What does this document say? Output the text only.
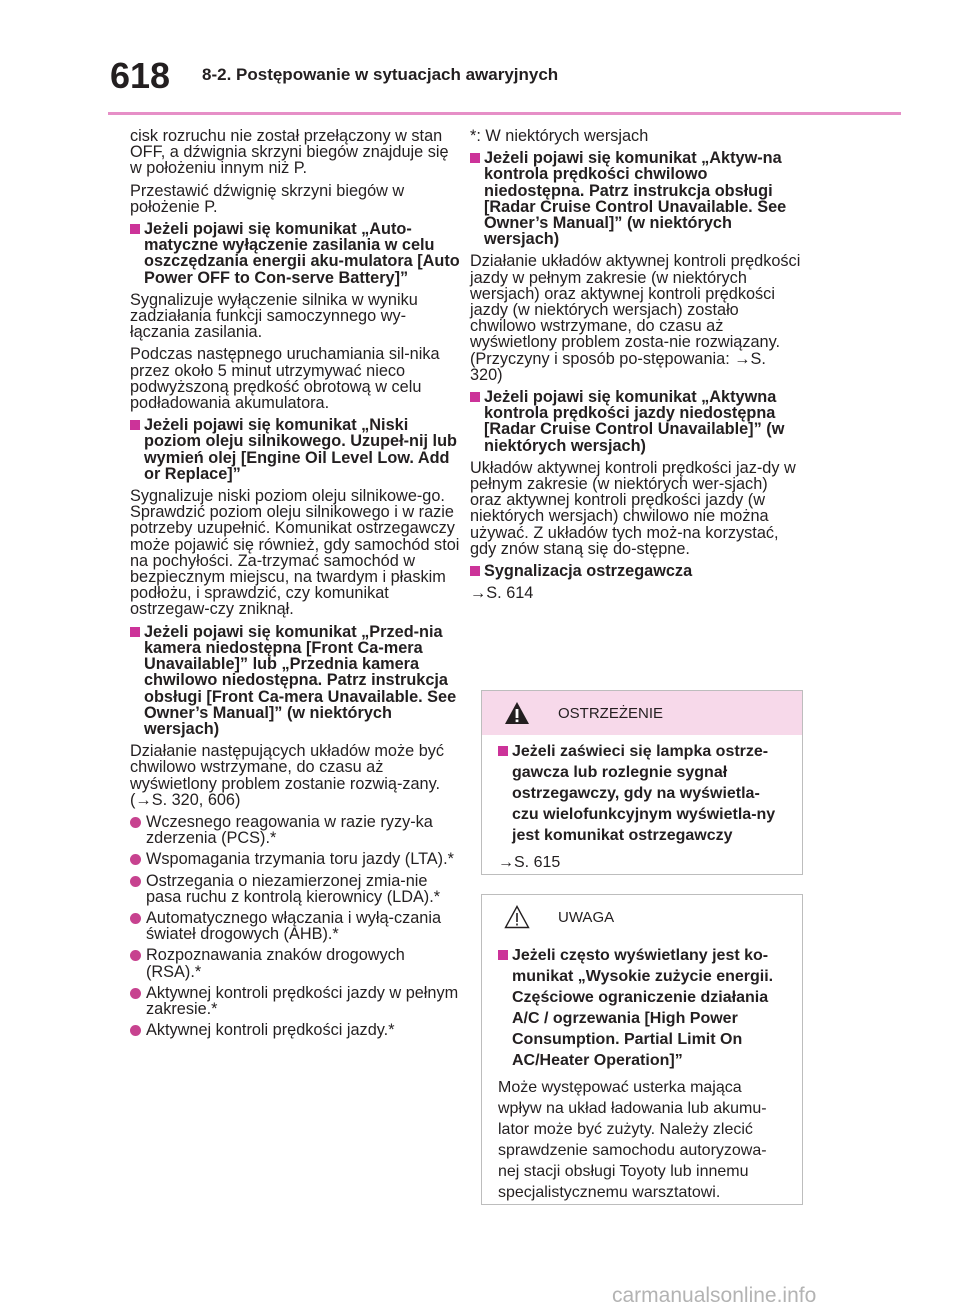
618 8-2. Postępowanie w sytuacjach awaryjnych

cisk rozruchu nie został przełączony w stan OFF, a dźwignia skrzyni biegów znajduje się w położeniu innym niż P.

Przestawić dźwignię skrzyni biegów w położenie P.

Jeżeli pojawi się komunikat „Auto-matyczne wyłączenie zasilania w celu oszczędzania energii aku-mulatora [Auto Power OFF to Con-serve Battery]”

Sygnalizuje wyłączenie silnika w wyniku zadziałania funkcji samoczynnego wy-łączania zasilania.

Podczas następnego uruchamiania sil-nika przez około 5 minut utrzymywać nieco podwyższoną prędkość obrotową w celu podładowania akumulatora.

Jeżeli pojawi się komunikat „Niski poziom oleju silnikowego. Uzupeł-nij lub wymień olej [Engine Oil Level Low. Add or Replace]”

Sygnalizuje niski poziom oleju silnikowe-go. Sprawdzić poziom oleju silnikowego i w razie potrzeby uzupełnić. Komunikat ostrzegawczy może pojawić się również, gdy samochód stoi na pochyłości. Za-trzymać samochód w bezpiecznym miejscu, na twardym i płaskim podłożu, i sprawdzić, czy komunikat ostrzegaw-czy zniknął.

Jeżeli pojawi się komunikat „Przed-nia kamera niedostępna [Front Ca-mera Unavailable]” lub „Przednia kamera chwilowo niedostępna. Patrz instrukcja obsługi [Front Ca-mera Unavailable. See Owner’s Manual]” (w niektórych wersjach)

Działanie następujących układów może być chwilowo wstrzymane, do czasu aż wyświetlony problem zostanie rozwią-zany. (→S. 320, 606)

Wczesnego reagowania w razie ryzy-ka zderzenia (PCS).*
Wspomagania trzymania toru jazdy (LTA).*
Ostrzegania o niezamierzonej zmia-nie pasa ruchu z kontrolą kierownicy (LDA).*
Automatycznego włączania i wyłą-czania świateł drogowych (AHB).*
Rozpoznawania znaków drogowych (RSA).*
Aktywnej kontroli prędkości jazdy w pełnym zakresie.*
Aktywnej kontroli prędkości jazdy.*

*: W niektórych wersjach

Jeżeli pojawi się komunikat „Aktyw-na kontrola prędkości chwilowo niedostępna. Patrz instrukcja obsługi [Radar Cruise Control Unavailable. See Owner’s Manual]” (w niektórych wersjach)

Działanie układów aktywnej kontroli prędkości jazdy w pełnym zakresie (w niektórych wersjach) oraz aktywnej kontroli prędkości jazdy (w niektórych wersjach) zostało chwilowo wstrzymane, do czasu aż wyświetlony problem zosta-nie rozwiązany. (Przyczyny i sposób po-stępowania: →S. 320)

Jeżeli pojawi się komunikat „Aktywna kontrola prędkości jazdy niedostępna [Radar Cruise Control Unavailable]” (w niektórych wersjach)

Układów aktywnej kontroli prędkości jaz-dy w pełnym zakresie (w niektórych wer-sjach) oraz aktywnej kontroli prędkości jazdy (w niektórych wersjach) chwilowo nie można używać. Z układów tych moż-na korzystać, gdy znów staną się do-stępne.

Sygnalizacja ostrzegawcza

→S. 614

OSTRZEŻENIE
Jeżeli zaświeci się lampka ostrze-gawcza lub rozlegnie sygnał ostrzegawczy, gdy na wyświetla-czu wielofunkcyjnym wyświetla-ny jest komunikat ostrzegawczy

→S. 615

UWAGA
Jeżeli często wyświetlany jest ko-munikat „Wysokie zużycie energii. Częściowe ograniczenie działania A/C / ogrzewania [High Power Consumption. Partial Limit On AC/Heater Operation]”

Może występować usterka mająca wpływ na układ ładowania lub akumu-lator może być zużyty. Należy zlecić sprawdzenie samochodu autoryzowa-nej stacji obsługi Toyoty lub innemu specjalistycznemu warsztatowi.

carmanualsonline.info
